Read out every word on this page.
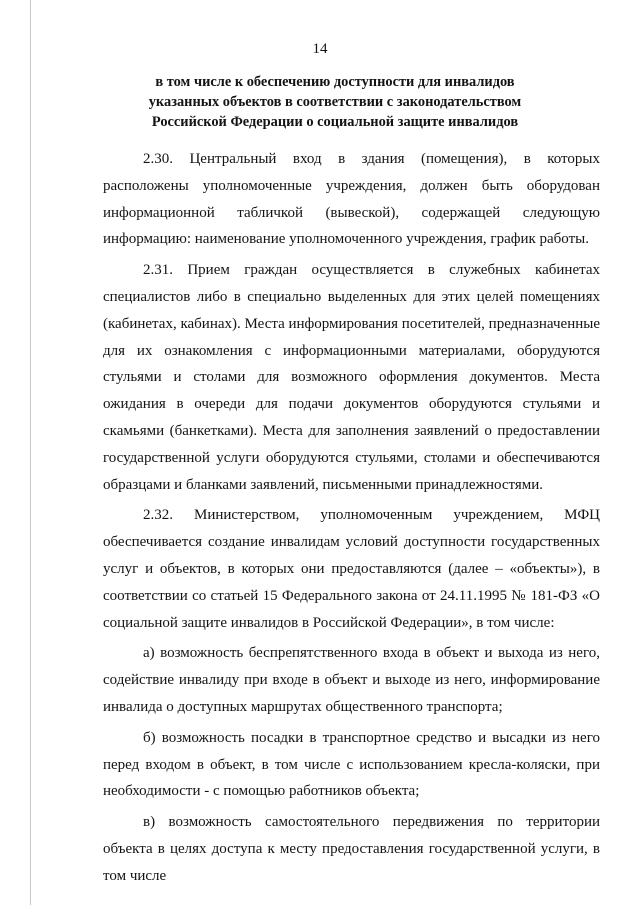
14
в том числе к обеспечению доступности для инвалидов
указанных объектов в соответствии с законодательством
Российской Федерации о социальной защите инвалидов

2.30. Центральный вход в здания (помещения), в которых расположены уполномоченные учреждения, должен быть оборудован информационной табличкой (вывеской), содержащей следующую информацию: наименование уполномоченного учреждения, график работы.

2.31. Прием граждан осуществляется в служебных кабинетах специалистов либо в специально выделенных для этих целей помещениях (кабинетах, кабинах). Места информирования посетителей, предназначенные для их ознакомления с информационными материалами, оборудуются стульями и столами для возможного оформления документов. Места ожидания в очереди для подачи документов оборудуются стульями и скамьями (банкетками). Места для заполнения заявлений о предоставлении государственной услуги оборудуются стульями, столами и обеспечиваются образцами и бланками заявлений, письменными принадлежностями.

2.32. Министерством, уполномоченным учреждением, МФЦ обеспечивается создание инвалидам условий доступности государственных услуг и объектов, в которых они предоставляются (далее – «объекты»), в соответствии со статьей 15 Федерального закона от 24.11.1995 № 181-ФЗ «О социальной защите инвалидов в Российской Федерации», в том числе:

а) возможность беспрепятственного входа в объект и выхода из него, содействие инвалиду при входе в объект и выходе из него, информирование инвалида о доступных маршрутах общественного транспорта;

б) возможность посадки в транспортное средство и высадки из него перед входом в объект, в том числе с использованием кресла-коляски, при необходимости - с помощью работников объекта;

в) возможность самостоятельного передвижения по территории объекта в целях доступа к месту предоставления государственной услуги, в том числе
